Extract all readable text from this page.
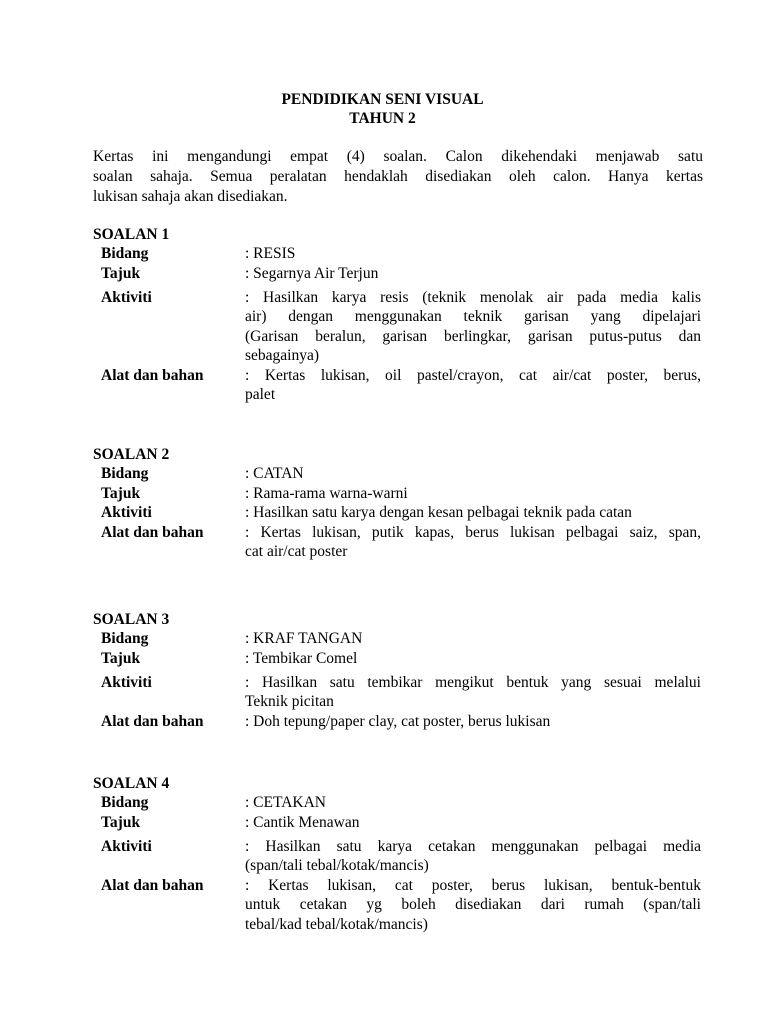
PENDIDIKAN SENI VISUAL
TAHUN 2
Kertas ini mengandungi empat (4) soalan. Calon dikehendaki menjawab satu
soalan sahaja. Semua peralatan hendaklah disediakan oleh calon. Hanya kertas
lukisan sahaja akan disediakan.
SOALAN 1
Bidang	: RESIS
Tajuk	: Segarnya Air Terjun
Aktiviti	: Hasilkan karya resis (teknik menolak air pada media kalis
air) dengan menggunakan teknik garisan yang dipelajari
(Garisan beralun, garisan berlingkar, garisan putus-putus dan
sebagainya)
Alat dan bahan	: Kertas lukisan, oil pastel/crayon, cat air/cat poster, berus,
palet
SOALAN 2
Bidang	: CATAN
Tajuk	: Rama-rama warna-warni
Aktiviti	: Hasilkan satu karya dengan kesan pelbagai teknik pada catan
Alat dan bahan	: Kertas lukisan, putik kapas, berus lukisan pelbagai saiz, span,
cat air/cat poster
SOALAN 3
Bidang	: KRAF TANGAN
Tajuk	: Tembikar Comel
Aktiviti	: Hasilkan satu tembikar mengikut bentuk yang sesuai melalui
Teknik picitan
Alat dan bahan	: Doh tepung/paper clay, cat poster, berus lukisan
SOALAN 4
Bidang	: CETAKAN
Tajuk	: Cantik Menawan
Aktiviti	: Hasilkan satu karya cetakan menggunakan pelbagai media
(span/tali tebal/kotak/mancis)
Alat dan bahan	: Kertas lukisan, cat poster, berus lukisan, bentuk-bentuk
untuk cetakan yg boleh disediakan dari rumah (span/tali
tebal/kad tebal/kotak/mancis)
